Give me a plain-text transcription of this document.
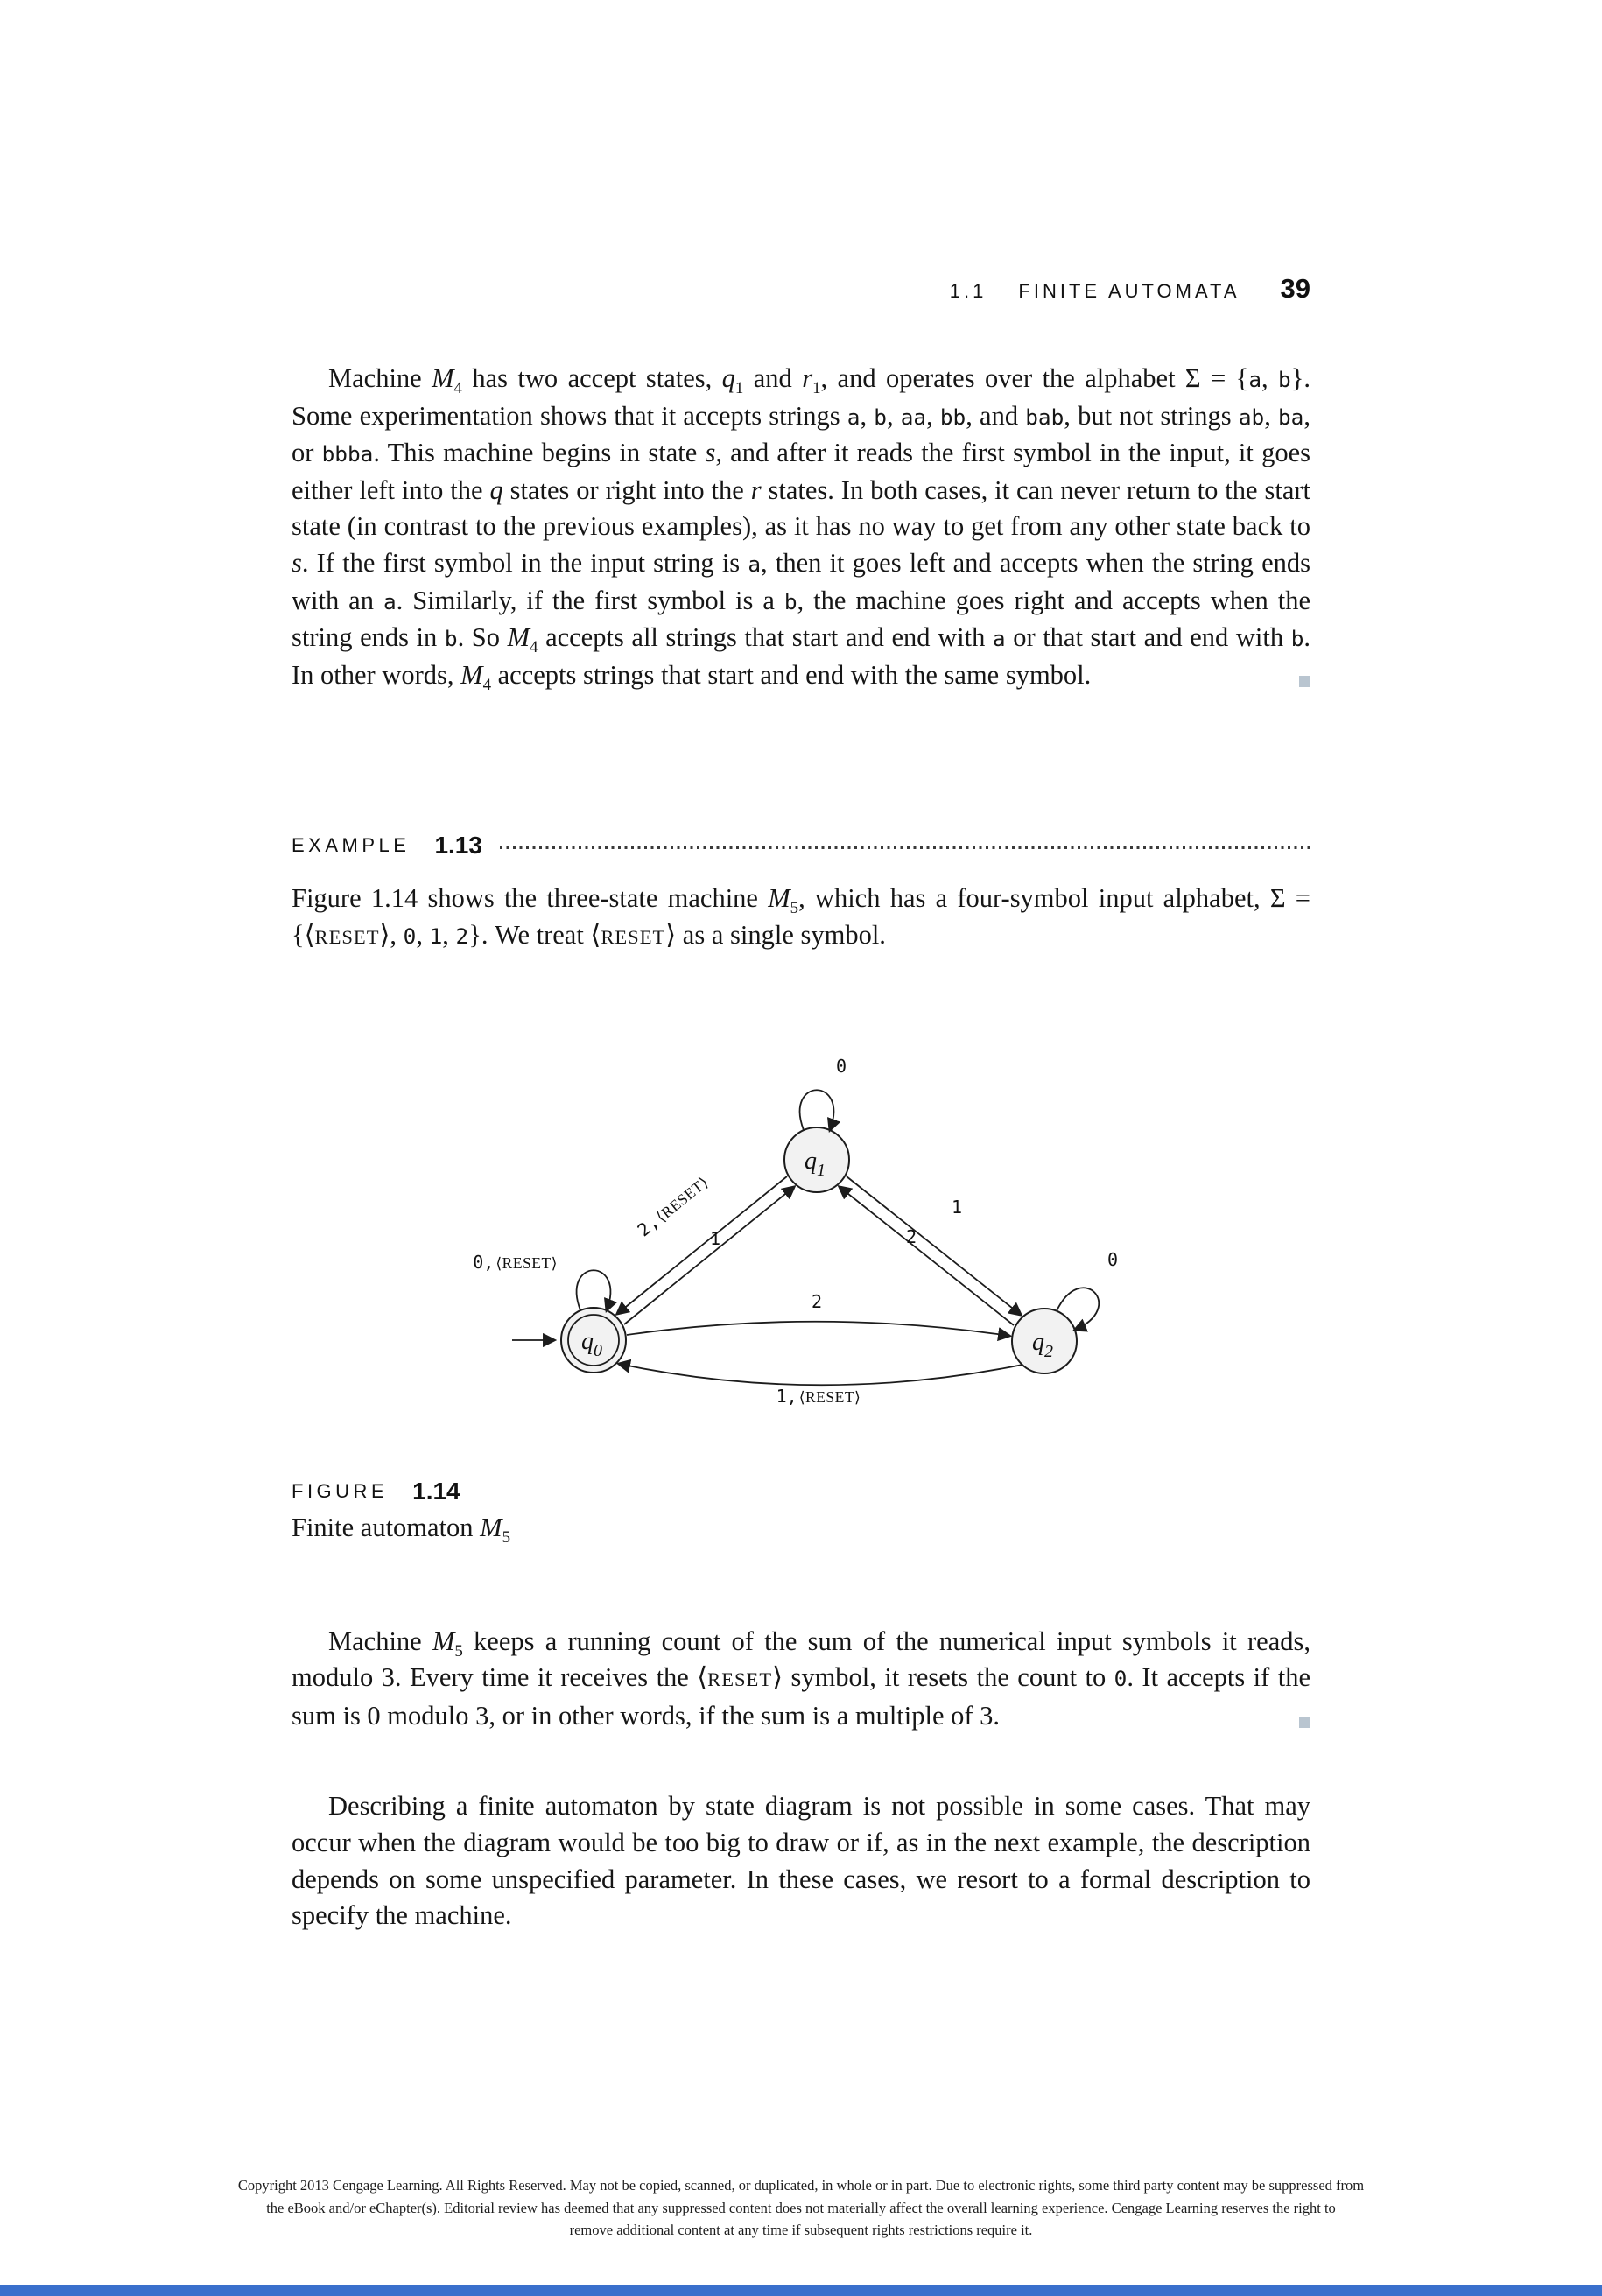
1.1 FINITE AUTOMATA 39

Machine $M_4$ has two accept states, $q_1$ and $r_1$, and operates over the alphabet Σ = {a, b}. Some experimentation shows that it accepts strings a, b, aa, bb, and bab, but not strings ab, ba, or bbba. This machine begins in state s, and after it reads the first symbol in the input, it goes either left into the q states or right into the r states. In both cases, it can never return to the start state (in contrast to the previous examples), as it has no way to get from any other state back to s. If the first symbol in the input string is a, then it goes left and accepts when the string ends with an a. Similarly, if the first symbol is a b, the machine goes right and accepts when the string ends in b. So $M_4$ accepts all strings that start and end with a or that start and end with b. In other words, $M_4$ accepts strings that start and end with the same symbol.

EXAMPLE 1.13

Figure 1.14 shows the three-state machine $M_5$, which has a four-symbol input alphabet, Σ = {⟨RESET⟩, 0, 1, 2}. We treat ⟨RESET⟩ as a single symbol.

$q_0$
$q_1$
$q_2$
0
0
0, ⟨RESET⟩
1	2
1
2
2,⟨RESET⟩
1, ⟨RESET⟩
FIGURE 1.14
Finite automaton $M_5$

Machine $M_5$ keeps a running count of the sum of the numerical input symbols it reads, modulo 3. Every time it receives the ⟨RESET⟩ symbol, it resets the count to 0. It accepts if the sum is 0 modulo 3, or in other words, if the sum is a multiple of 3.

Describing a finite automaton by state diagram is not possible in some cases. That may occur when the diagram would be too big to draw or if, as in the next example, the description depends on some unspecified parameter. In these cases, we resort to a formal description to specify the machine.

Copyright 2013 Cengage Learning. All Rights Reserved. May not be copied, scanned, or duplicated, in whole or in part. Due to electronic rights, some third party content may be suppressed from
the eBook and/or eChapter(s). Editorial review has deemed that any suppressed content does not materially affect the overall learning experience. Cengage Learning reserves the right to
remove additional content at any time if subsequent rights restrictions require it.
